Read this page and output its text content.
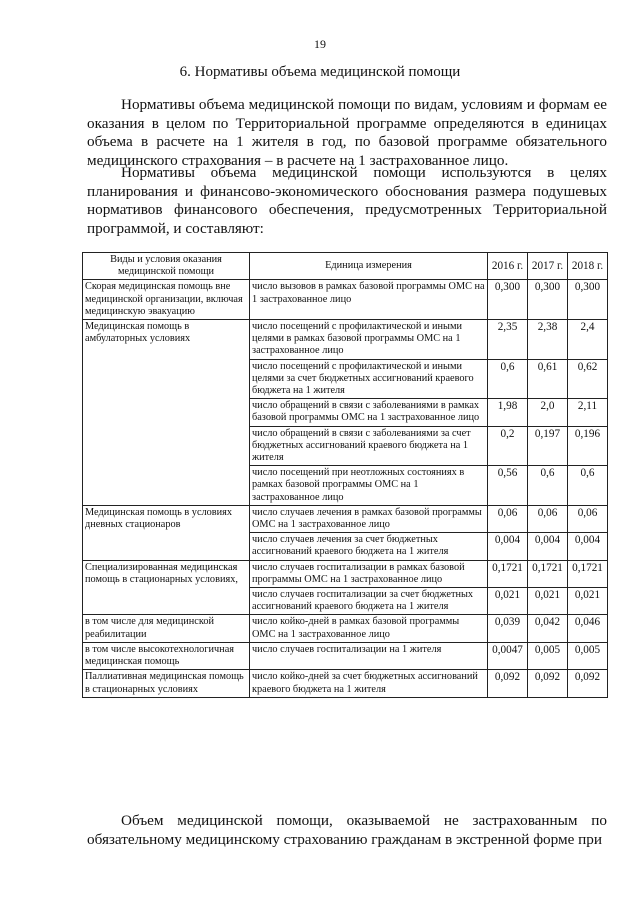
19
6. Нормативы объема медицинской помощи

Нормативы объема медицинской помощи по видам, условиям и формам ее оказания в целом по Территориальной программе определяются в единицах объема в расчете на 1 жителя в год, по базовой программе обязательного медицинского страхования – в расчете на 1 застрахованное лицо.

Нормативы объема медицинской помощи используются в целях планирования и финансово-экономического обоснования размера подушевых нормативов финансового обеспечения, предусмотренных Территориальной программой, и составляют:

Виды и условия оказания медицинской помощи	Единица измерения	2016 г.	2017 г.	2018 г.
Скорая медицинская помощь вне медицинской организации, включая медицинскую эвакуацию	число вызовов в рамках базовой программы ОМС на 1 застрахованное лицо	0,300	0,300	0,300
Медицинская помощь в амбулаторных условиях	число посещений с профилактической и иными целями в рамках базовой программы ОМС на 1 застрахованное лицо	2,35	2,38	2,4
	число посещений с профилактической и иными целями за счет бюджетных ассигнований краевого бюджета на 1 жителя	0,6	0,61	0,62
	число обращений в связи с заболеваниями в рамках базовой программы ОМС на 1 застрахованное лицо	1,98	2,0	2,11
	число обращений в связи с заболеваниями за счет бюджетных ассигнований краевого бюджета на 1 жителя	0,2	0,197	0,196
	число посещений при неотложных состояниях в рамках базовой программы ОМС на 1 застрахованное лицо	0,56	0,6	0,6
Медицинская помощь в условиях дневных стационаров	число случаев лечения в рамках базовой программы ОМС на 1 застрахованное лицо	0,06	0,06	0,06
	число случаев лечения за счет бюджетных ассигнований краевого бюджета на 1 жителя	0,004	0,004	0,004
Специализированная медицинская помощь в стационарных условиях,	число случаев госпитализации в рамках базовой программы ОМС на 1 застрахованное лицо	0,1721	0,1721	0,1721
	число случаев госпитализации за счет бюджетных ассигнований краевого бюджета на 1 жителя	0,021	0,021	0,021
в том числе для медицинской реабилитации	число койко-дней в рамках базовой программы ОМС на 1 застрахованное лицо	0,039	0,042	0,046
в том числе высокотехнологичная медицинская помощь	число случаев госпитализации на 1 жителя	0,0047	0,005	0,005
Паллиативная медицинская помощь в стационарных условиях	число койко-дней за счет бюджетных ассигнований краевого бюджета на 1 жителя	0,092	0,092	0,092

Объем медицинской помощи, оказываемой не застрахованным по обязательному медицинскому страхованию гражданам в экстренной форме при
